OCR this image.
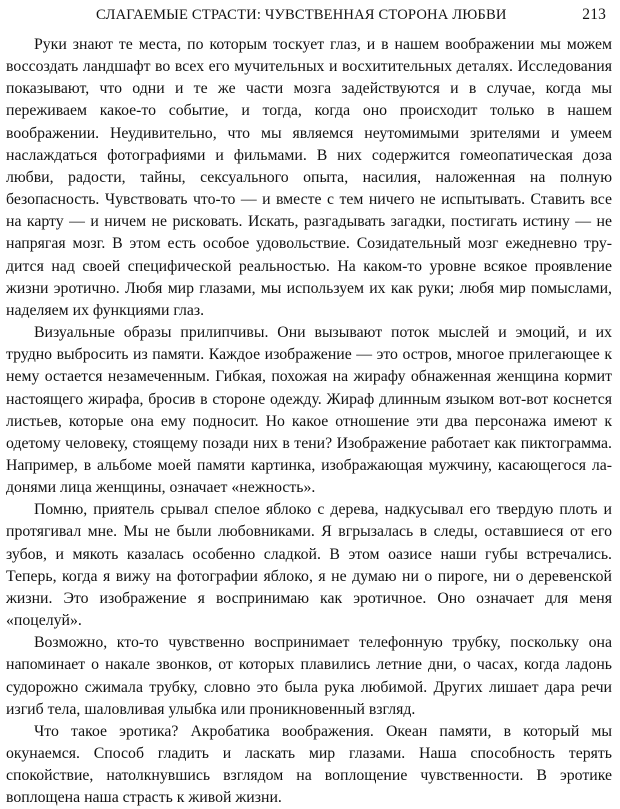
СЛАГАЕМЫЕ СТРАСТИ: ЧУВСТВЕННАЯ СТОРОНА ЛЮБВИ	213

Руки знают те места, по которым тоскует глаз, и в нашем воображении мы можем воссоздать ландшафт во всех его мучительных и восхитительных деталях. Исследования показывают, что одни и те же части мозга задействуются и в случае, когда мы переживаем какое-то событие, и тогда, когда оно происходит только в нашем воображении. Неудивительно, что мы являемся неутомимыми зрителями и умеем наслаждаться фотографиями и фильмами. В них содержится гомеопатическая доза любви, радости, тайны, сексуального опыта, насилия, наложенная на полную безопасность. Чувствовать что-то — и вместе с тем ничего не испытывать. Ставить все на карту — и ничем не рисковать. Искать, разгадывать загадки, постигать истину — не напрягая мозг. В этом есть особое удовольствие. Созидательный мозг ежедневно трудится над своей специфической реальностью. На каком-то уровне всякое проявление жизни эротично. Любя мир глазами, мы используем их как руки; любя мир помыслами, наделяем их функциями глаз.

Визуальные образы прилипчивы. Они вызывают поток мыслей и эмоций, и их трудно выбросить из памяти. Каждое изображение — это остров, многое прилегающее к нему остается незамеченным. Гибкая, похожая на жирафу обнаженная женщина кормит настоящего жирафа, бросив в стороне одежду. Жираф длинным языком вот-вот коснется листьев, которые она ему подносит. Но какое отношение эти два персонажа имеют к одетому человеку, стоящему позади них в тени? Изображение работает как пиктограмма. Например, в альбоме моей памяти картинка, изображающая мужчину, касающегося ладонями лица женщины, означает «нежность».

Помню, приятель срывал спелое яблоко с дерева, надкусывал его твердую плоть и протягивал мне. Мы не были любовниками. Я вгрызалась в следы, оставшиеся от его зубов, и мякоть казалась особенно сладкой. В этом оазисе наши губы встречались. Теперь, когда я вижу на фотографии яблоко, я не думаю ни о пироге, ни о деревенской жизни. Это изображение я воспринимаю как эротичное. Оно означает для меня «поцелуй».

Возможно, кто-то чувственно воспринимает телефонную трубку, поскольку она напоминает о накале звонков, от которых плавились летние дни, о часах, когда ладонь судорожно сжимала трубку, словно это была рука любимой. Других лишает дара речи изгиб тела, шаловливая улыбка или проникновенный взгляд.

Что такое эротика? Акробатика воображения. Океан памяти, в который мы окунаемся. Способ гладить и ласкать мир глазами. Наша способность терять спокойствие, натолкнувшись взглядом на воплощение чувственности. В эротике воплощена наша страсть к живой жизни.
